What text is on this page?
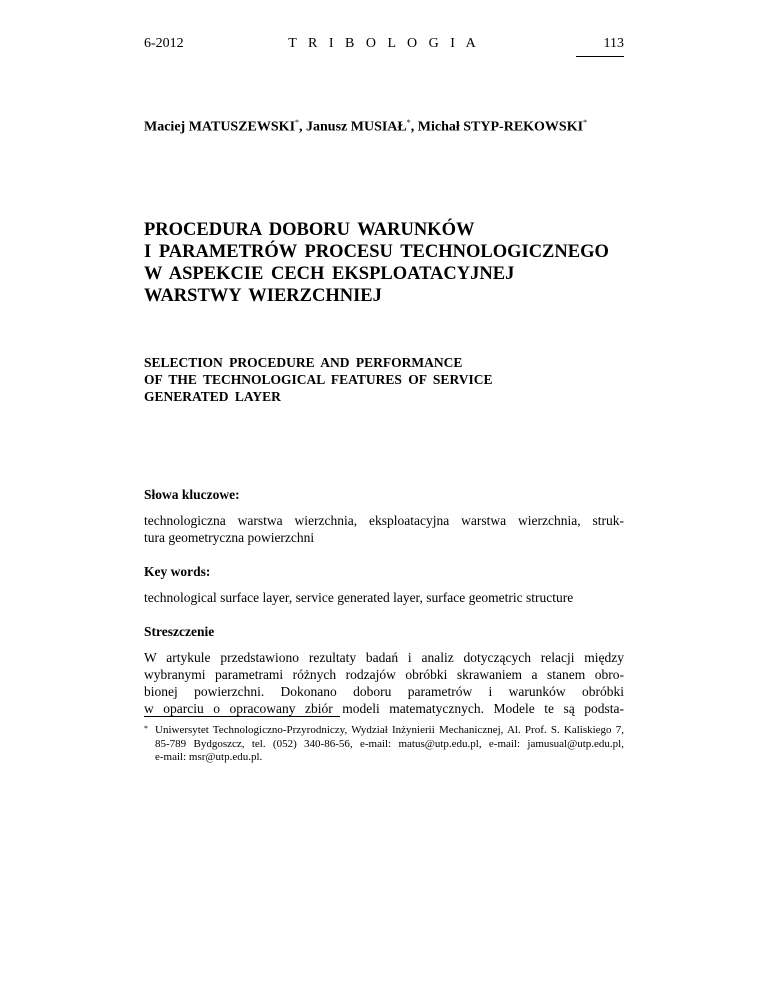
6-2012	T R I B O L O G I A	113
Maciej MATUSZEWSKI*, Janusz MUSIAŁ*, Michał STYP-REKOWSKI*
PROCEDURA DOBORU WARUNKÓW
I PARAMETRÓW PROCESU TECHNOLOGICZNEGO
W ASPEKCIE CECH EKSPLOATACYJNEJ
WARSTWY WIERZCHNIEJ
SELECTION PROCEDURE AND PERFORMANCE
OF THE TECHNOLOGICAL FEATURES OF SERVICE
GENERATED LAYER
Słowa kluczowe:
technologiczna warstwa wierzchnia, eksploatacyjna warstwa wierzchnia, struk-
tura geometryczna powierzchni
Key words:
technological surface layer, service generated layer, surface geometric structure
Streszczenie
W artykule przedstawiono rezultaty badań i analiz dotyczących relacji między
wybranymi parametrami różnych rodzajów obróbki skrawaniem a stanem obro-
bionej powierzchni. Dokonano doboru parametrów i warunków obróbki
w oparciu o opracowany zbiór modeli matematycznych. Modele te są podsta-
* Uniwersytet Technologiczno-Przyrodniczy, Wydział Inżynierii Mechanicznej, Al. Prof. S. Kaliskiego 7,
85-789 Bydgoszcz, tel. (052) 340-86-56, e-mail: matus@utp.edu.pl, e-mail: jamusual@utp.edu.pl,
e-mail: msr@utp.edu.pl.
